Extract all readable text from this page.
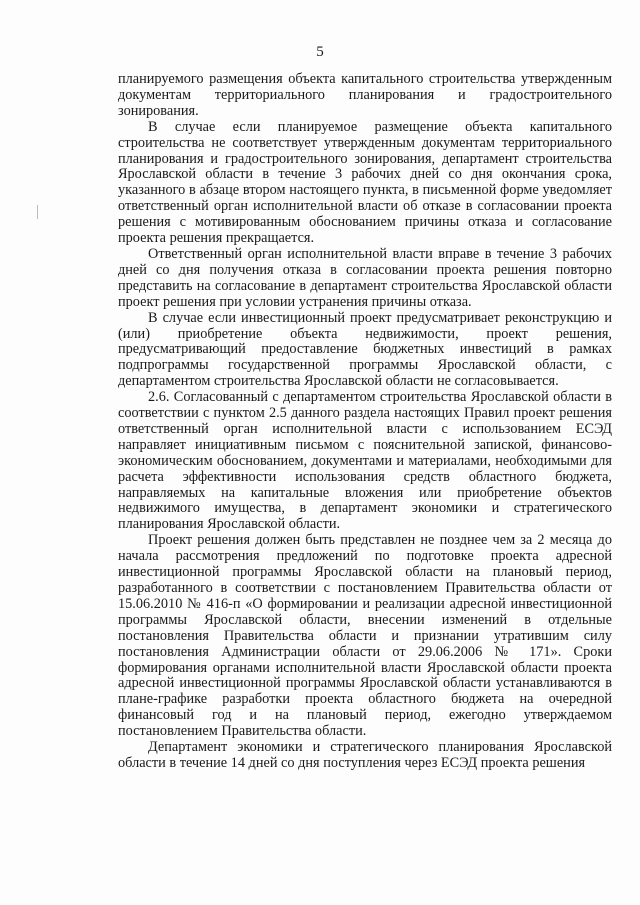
5

планируемого размещения объекта капитального строительства утвержденным документам территориального планирования и градостроительного зонирования.

В случае если планируемое размещение объекта капитального строительства не соответствует утвержденным документам территориального планирования и градостроительного зонирования, департамент строительства Ярославской области в течение 3 рабочих дней со дня окончания срока, указанного в абзаце втором настоящего пункта, в письменной форме уведомляет ответственный орган исполнительной власти об отказе в согласовании проекта решения с мотивированным обоснованием причины отказа и согласование проекта решения прекращается.

Ответственный орган исполнительной власти вправе в течение 3 рабочих дней со дня получения отказа в согласовании проекта решения повторно представить на согласование в департамент строительства Ярославской области проект решения при условии устранения причины отказа.

В случае если инвестиционный проект предусматривает реконструкцию и (или) приобретение объекта недвижимости, проект решения, предусматривающий предоставление бюджетных инвестиций в рамках подпрограммы государственной программы Ярославской области, с департаментом строительства Ярославской области не согласовывается.

2.6. Согласованный с департаментом строительства Ярославской области в соответствии с пунктом 2.5 данного раздела настоящих Правил проект решения ответственный орган исполнительной власти с использованием ЕСЭД направляет инициативным письмом с пояснительной запиской, финансово-экономическим обоснованием, документами и материалами, необходимыми для расчета эффективности использования средств областного бюджета, направляемых на капитальные вложения или приобретение объектов недвижимого имущества, в департамент экономики и стратегического планирования Ярославской области.

Проект решения должен быть представлен не позднее чем за 2 месяца до начала рассмотрения предложений по подготовке проекта адресной инвестиционной программы Ярославской области на плановый период, разработанного в соответствии с постановлением Правительства области от 15.06.2010 № 416-п «О формировании и реализации адресной инвестиционной программы Ярославской области, внесении изменений в отдельные постановления Правительства области и признании утратившим силу постановления Администрации области от 29.06.2006 № 171». Сроки формирования органами исполнительной власти Ярославской области проекта адресной инвестиционной программы Ярославской области устанавливаются в плане-графике разработки проекта областного бюджета на очередной финансовый год и на плановый период, ежегодно утверждаемом постановлением Правительства области.

Департамент экономики и стратегического планирования Ярославской области в течение 14 дней со дня поступления через ЕСЭД проекта решения
